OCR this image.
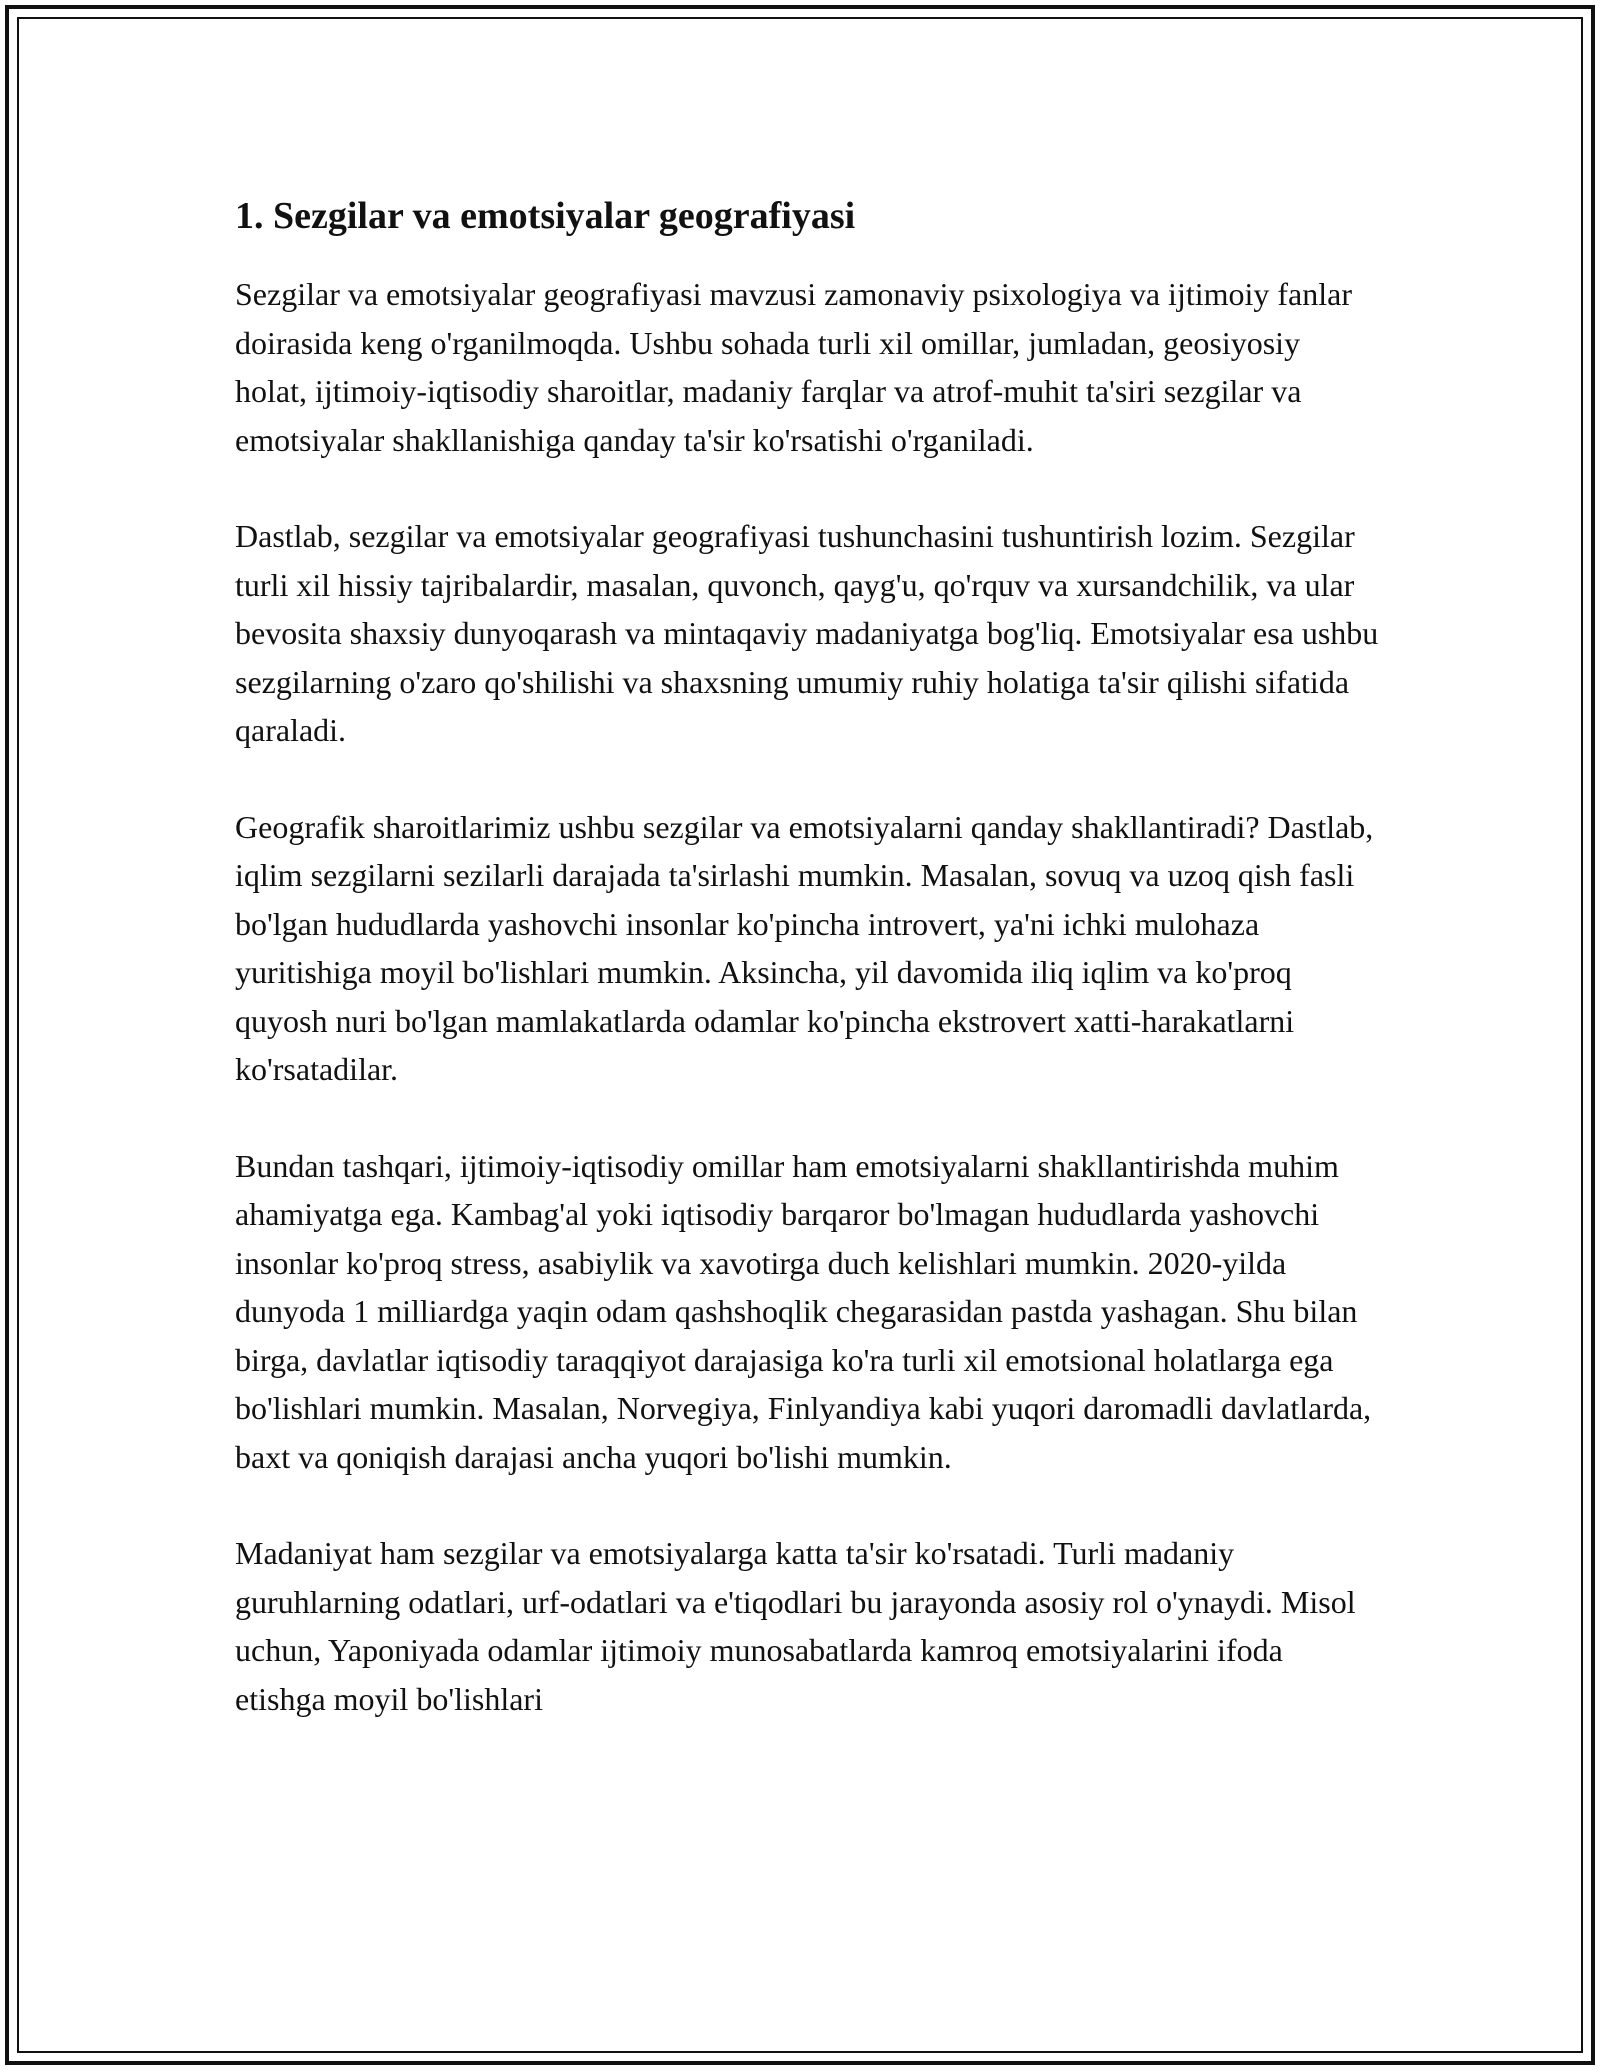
1. Sezgilar va emotsiyalar geografiyasi

Sezgilar va emotsiyalar geografiyasi mavzusi zamonaviy psixologiya va ijtimoiy fanlar doirasida keng o'rganilmoqda. Ushbu sohada turli xil omillar, jumladan, geosiyosiy holat, ijtimoiy-iqtisodiy sharoitlar, madaniy farqlar va atrof-muhit ta'siri sezgilar va emotsiyalar shakllanishiga qanday ta'sir ko'rsatishi o'rganiladi.

Dastlab, sezgilar va emotsiyalar geografiyasi tushunchasini tushuntirish lozim. Sezgilar turli xil hissiy tajribalardir, masalan, quvonch, qayg'u, qo'rquv va xursandchilik, va ular bevosita shaxsiy dunyoqarash va mintaqaviy madaniyatga bog'liq. Emotsiyalar esa ushbu sezgilarning o'zaro qo'shilishi va shaxsning umumiy ruhiy holatiga ta'sir qilishi sifatida qaraladi.

Geografik sharoitlarimiz ushbu sezgilar va emotsiyalarni qanday shakllantiradi? Dastlab, iqlim sezgilarni sezilarli darajada ta'sirlashi mumkin. Masalan, sovuq va uzoq qish fasli bo'lgan hududlarda yashovchi insonlar ko'pincha introvert, ya'ni ichki mulohaza yuritishiga moyil bo'lishlari mumkin. Aksincha, yil davomida iliq iqlim va ko'proq quyosh nuri bo'lgan mamlakatlarda odamlar ko'pincha ekstrovert xatti-harakatlarni ko'rsatadilar.

Bundan tashqari, ijtimoiy-iqtisodiy omillar ham emotsiyalarni shakllantirishda muhim ahamiyatga ega. Kambag'al yoki iqtisodiy barqaror bo'lmagan hududlarda yashovchi insonlar ko'proq stress, asabiylik va xavotirga duch kelishlari mumkin. 2020-yilda dunyoda 1 milliardga yaqin odam qashshoqlik chegarasidan pastda yashagan. Shu bilan birga, davlatlar iqtisodiy taraqqiyot darajasiga ko'ra turli xil emotsional holatlarga ega bo'lishlari mumkin. Masalan, Norvegiya, Finlyandiya kabi yuqori daromadli davlatlarda, baxt va qoniqish darajasi ancha yuqori bo'lishi mumkin.

Madaniyat ham sezgilar va emotsiyalarga katta ta'sir ko'rsatadi. Turli madaniy guruhlarning odatlari, urf-odatlari va e'tiqodlari bu jarayonda asosiy rol o'ynaydi. Misol uchun, Yaponiyada odamlar ijtimoiy munosabatlarda kamroq emotsiyalarini ifoda etishga moyil bo'lishlari
